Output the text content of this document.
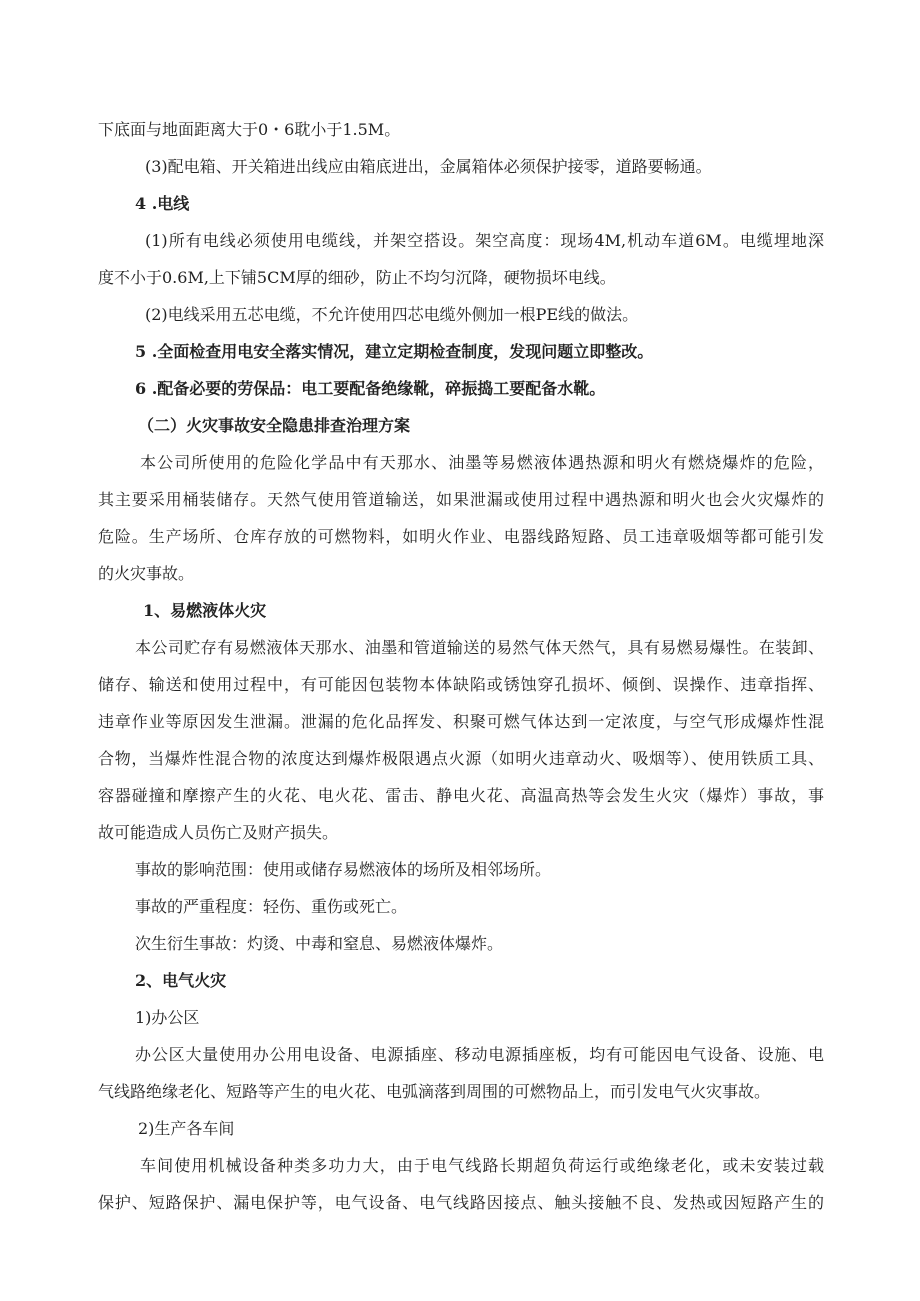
下底面与地面距离大于0・6耽小于1.5M。
(3)配电箱、开关箱进出线应由箱底进出，金属箱体必须保护接零，道路要畅通。
4 .电线
(1)所有电线必须使用电缆线，并架空搭设。架空高度：现场4M,机动车道6M。电缆埋地深
度不小于0.6M,上下铺5CM厚的细砂，防止不均匀沉降，硬物损坏电线。
(2)电线采用五芯电缆，不允许使用四芯电缆外侧加一根PE线的做法。
5 .全面检查用电安全落实情况，建立定期检查制度，发现问题立即整改。
6 .配备必要的劳保品：电工要配备绝缘靴，碎振捣工要配备水靴。
（二）火灾事故安全隐患排查治理方案
本公司所使用的危险化学品中有天那水、油墨等易燃液体遇热源和明火有燃烧爆炸的危险，
其主要采用桶装储存。天然气使用管道输送，如果泄漏或使用过程中遇热源和明火也会火灾爆炸的
危险。生产场所、仓库存放的可燃物料，如明火作业、电器线路短路、员工违章吸烟等都可能引发
的火灾事故。
1、易燃液体火灾
本公司贮存有易燃液体天那水、油墨和管道输送的易然气体天然气，具有易燃易爆性。在装卸、
储存、输送和使用过程中，有可能因包装物本体缺陷或锈蚀穿孔损坏、倾倒、误操作、违章指挥、
违章作业等原因发生泄漏。泄漏的危化品挥发、积聚可燃气体达到一定浓度，与空气形成爆炸性混
合物，当爆炸性混合物的浓度达到爆炸极限遇点火源（如明火违章动火、吸烟等）、使用铁质工具、
容器碰撞和摩擦产生的火花、电火花、雷击、静电火花、高温高热等会发生火灾（爆炸）事故，事
故可能造成人员伤亡及财产损失。
事故的影响范围：使用或储存易燃液体的场所及相邻场所。
事故的严重程度：轻伤、重伤或死亡。
次生衍生事故：灼烫、中毒和窒息、易燃液体爆炸。
2、电气火灾
1)办公区
办公区大量使用办公用电设备、电源插座、移动电源插座板，均有可能因电气设备、设施、电
气线路绝缘老化、短路等产生的电火花、电弧滴落到周围的可燃物品上，而引发电气火灾事故。
2)生产各车间
车间使用机械设备种类多功力大，由于电气线路长期超负荷运行或绝缘老化，或未安装过载
保护、短路保护、漏电保护等，电气设备、电气线路因接点、触头接触不良、发热或因短路产生的
